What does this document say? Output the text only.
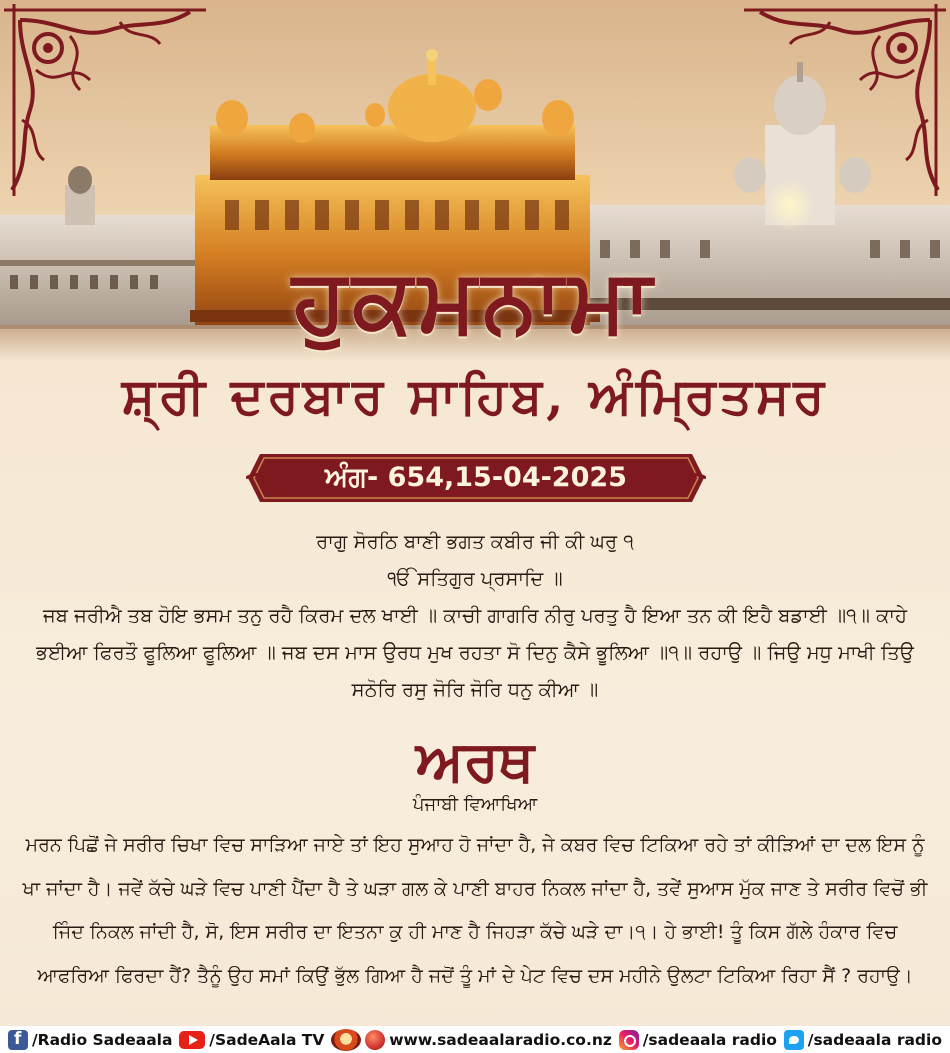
ਹੁਕਮਨਾਮਾ
ਸ਼੍ਰੀ ਦਰਬਾਰ ਸਾਹਿਬ, ਅੰਮ੍ਰਿਤਸਰ
ਅੰਗ- 654,15-04-2025
ਰਾਗੁ ਸੋਰਠਿ ਬਾਣੀ ਭਗਤ ਕਬੀਰ ਜੀ ਕੀ ਘਰੁ ੧
ੴ ਸਤਿਗੁਰ ਪ੍ਰਸਾਦਿ ॥
ਜਬ ਜਰੀਐ ਤਬ ਹੋਇ ਭਸਮ ਤਨੁ ਰਹੈ ਕਿਰਮ ਦਲ ਖਾਈ ॥ ਕਾਚੀ ਗਾਗਰਿ ਨੀਰੁ ਪਰਤੁ ਹੈ ਇਆ ਤਨ ਕੀ ਇਹੈ ਬਡਾਈ ॥੧॥ ਕਾਹੇ ਭਈਆ ਫਿਰਤੌ ਫੂਲਿਆ ਫੂਲਿਆ ॥ ਜਬ ਦਸ ਮਾਸ ਉਰਧ ਮੁਖ ਰਹਤਾ ਸੋ ਦਿਨੁ ਕੈਸੇ ਭੂਲਿਆ ॥੧॥ ਰਹਾਉ ॥ ਜਿਉ ਮਧੁ ਮਾਖੀ ਤਿਉ ਸਠੋਰਿ ਰਸੁ ਜੋਰਿ ਜੋਰਿ ਧਨੁ ਕੀਆ ॥
ਅਰਥ
ਪੰਜਾਬੀ ਵਿਆਖਿਆ
ਮਰਨ ਪਿਛੋਂ ਜੇ ਸਰੀਰ ਚਿਖਾ ਵਿਚ ਸਾੜਿਆ ਜਾਏ ਤਾਂ ਇਹ ਸੁਆਹ ਹੋ ਜਾਂਦਾ ਹੈ, ਜੇ ਕਬਰ ਵਿਚ ਟਿਕਿਆ ਰਹੇ ਤਾਂ ਕੀੜਿਆਂ ਦਾ ਦਲ ਇਸ ਨੂੰ ਖਾ ਜਾਂਦਾ ਹੈ। ਜਵੇਂ ਕੱਚੇ ਘੜੇ ਵਿਚ ਪਾਣੀ ਪੈਂਦਾ ਹੈ ਤੇ ਘੜਾ ਗਲ ਕੇ ਪਾਣੀ ਬਾਹਰ ਨਿਕਲ ਜਾਂਦਾ ਹੈ, ਤਵੇਂ ਸੁਆਸ ਮੁੱਕ ਜਾਣ ਤੇ ਸਰੀਰ ਵਿਚੋਂ ਭੀ ਜਿੰਦ ਨਿਕਲ ਜਾਂਦੀ ਹੈ, ਸੋ, ਇਸ ਸਰੀਰ ਦਾ ਇਤਨਾ ਕੁ ਹੀ ਮਾਣ ਹੈ ਜਿਹੜਾ ਕੱਚੇ ਘੜੇ ਦਾ।੧। ਹੇ ਭਾਈ! ਤੂੰ ਕਿਸ ਗੱਲੇ ਹੰਕਾਰ ਵਿਚ ਆਫਰਿਆ ਫਿਰਦਾ ਹੈਂ? ਤੈਨੂੰ ਉਹ ਸਮਾਂ ਕਿਉਂ ਭੁੱਲ ਗਿਆ ਹੈ ਜਦੋਂ ਤੂੰ ਮਾਂ ਦੇ ਪੇਟ ਵਿਚ ਦਸ ਮਹੀਨੇ ਉਲਟਾ ਟਿਕਿਆ ਰਿਹਾ ਸੈਂ ? ਰਹਾਉ।
f
/Radio Sadeaala /SadeAala TV	www.sadeaalaradio.co.nz /sadeaala radio /sadeaala radio
